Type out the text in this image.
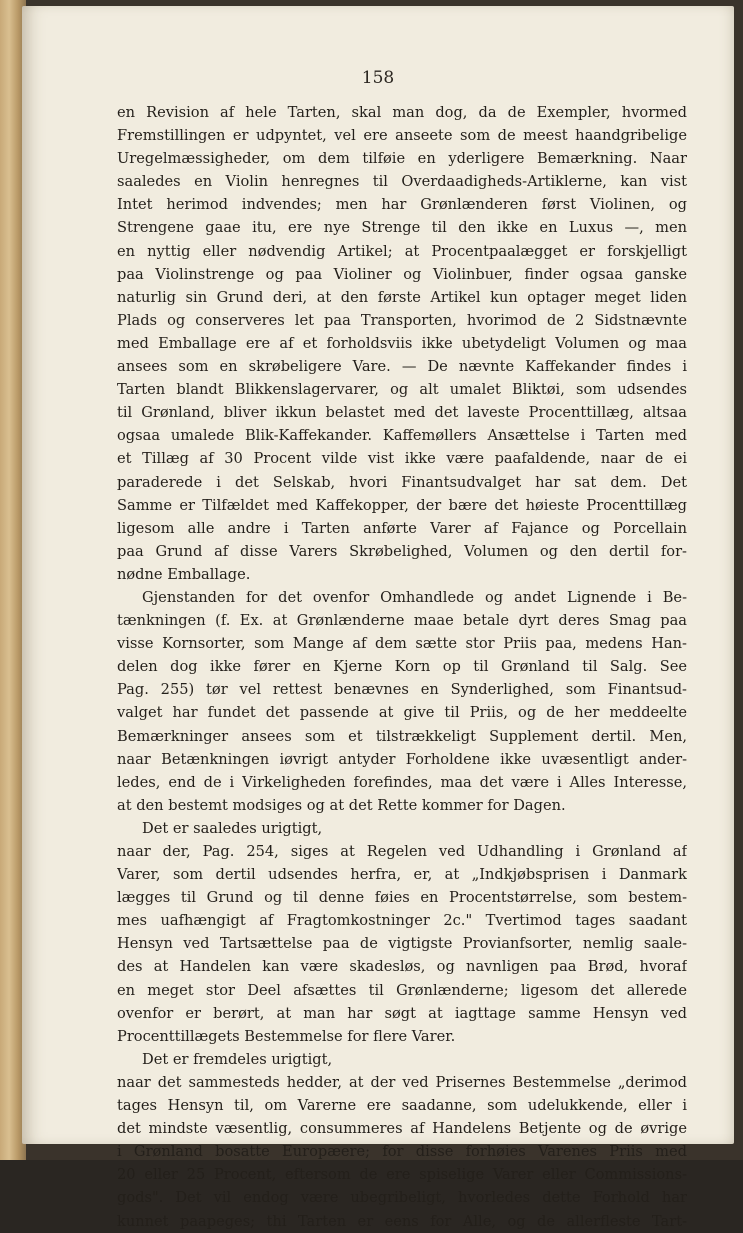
158
en Revision af hele Tarten, skal man dog, da de Exempler, hvormed
Fremstillingen er udpyntet, vel ere anseete som de meest haandgribelige
Uregelmæssigheder, om dem tilføie en yderligere Bemærkning. Naar
saaledes en Violin henregnes til Overdaadigheds-Artiklerne, kan vist
Intet herimod indvendes; men har Grønlænderen først Violinen, og
Strengene gaae itu, ere nye Strenge til den ikke en Luxus —, men
en nyttig eller nødvendig Artikel; at Procentpaalægget er forskjelligt
paa Violinstrenge og paa Violiner og Violinbuer, finder ogsaa ganske
naturlig sin Grund deri, at den første Artikel kun optager meget liden
Plads og conserveres let paa Transporten, hvorimod de 2 Sidstnævnte
med Emballage ere af et forholdsviis ikke ubetydeligt Volumen og maa
ansees som en skrøbeligere Vare. — De nævnte Kaffekander findes i
Tarten blandt Blikkenslagervarer, og alt umalet Bliktøi, som udsendes
til Grønland, bliver ikkun belastet med det laveste Procenttillæg, altsaa
ogsaa umalede Blik-Kaffekander. Kaffemøllers Ansættelse i Tarten med
et Tillæg af 30 Procent vilde vist ikke være paafaldende, naar de ei
paraderede i det Selskab, hvori Finantsudvalget har sat dem. Det
Samme er Tilfældet med Kaffekopper, der bære det høieste Procenttillæg
ligesom alle andre i Tarten anførte Varer af Fajance og Porcellain
paa Grund af disse Varers Skrøbelighed, Volumen og den dertil for-
nødne Emballage.
Gjenstanden for det ovenfor Omhandlede og andet Lignende i Be-
tænkningen (f. Ex. at Grønlænderne maae betale dyrt deres Smag paa
visse Kornsorter, som Mange af dem sætte stor Priis paa, medens Han-
delen dog ikke fører en Kjerne Korn op til Grønland til Salg. See
Pag. 255) tør vel rettest benævnes en Synderlighed, som Finantsud-
valget har fundet det passende at give til Priis, og de her meddeelte
Bemærkninger ansees som et tilstrækkeligt Supplement dertil. Men,
naar Betænkningen iøvrigt antyder Forholdene ikke uvæsentligt ander-
ledes, end de i Virkeligheden forefindes, maa det være i Alles Interesse,
at den bestemt modsiges og at det Rette kommer for Dagen.
Det er saaledes urigtigt,
naar der, Pag. 254, siges at Regelen ved Udhandling i Grønland af
Varer, som dertil udsendes herfra, er, at „Indkjøbsprisen i Danmark
lægges til Grund og til denne føies en Procentstørrelse, som bestem-
mes uafhængigt af Fragtomkostninger 2c." Tvertimod tages saadant
Hensyn ved Tartsættelse paa de vigtigste Provianfsorter, nemlig saale-
des at Handelen kan være skadesløs, og navnligen paa Brød, hvoraf
en meget stor Deel afsættes til Grønlænderne; ligesom det allerede
ovenfor er berørt, at man har søgt at iagttage samme Hensyn ved
Procenttillægets Bestemmelse for flere Varer.
Det er fremdeles urigtigt,
naar det sammesteds hedder, at der ved Prisernes Bestemmelse „derimod
tages Hensyn til, om Varerne ere saadanne, som udelukkende, eller i
det mindste væsentlig, consummeres af Handelens Betjente og de øvrige
i Grønland bosatte Europæere; for disse forhøies Varenes Priis med
20 eller 25 Procent, eftersom de ere spiselige Varer eller Commissions-
gods". Det vil endog være ubegribeligt, hvorledes dette Forhold har
kunnet paapeges; thi Tarten er eens for Alle, og de allerfleste Tart-
